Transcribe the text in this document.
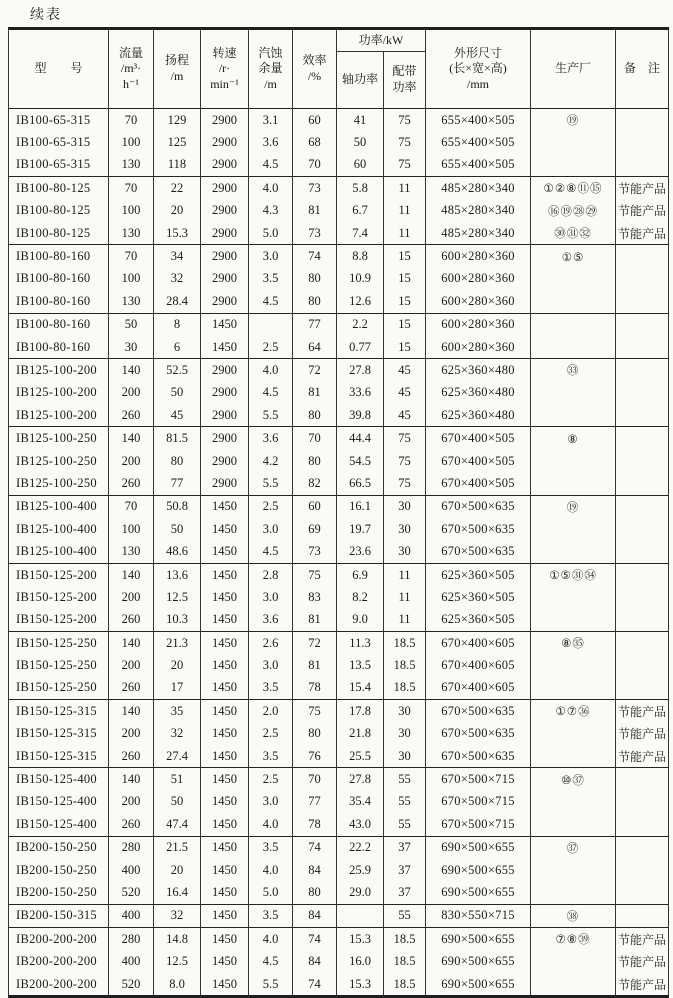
续表
型　　号	流量
/m³·
h⁻¹	扬程
/m	转速
/r·
min⁻¹	汽蚀
余量
/m	效率
/%	功率/kW		外形尺寸
(长×宽×高)
/mm	生产厂	备　注
						轴功率	配带
功率			

IB100-65-315	70	129	2900	3.1	60	41	75	655×400×505	⑲	
IB100-65-315	100	125	2900	3.6	68	50	75	655×400×505		
IB100-65-315	130	118	2900	4.5	70	60	75	655×400×505		
IB100-80-125	70	22	2900	4.0	73	5.8	11	485×280×340	①②⑧⑪⑮	节能产品
IB100-80-125	100	20	2900	4.3	81	6.7	11	485×280×340	⑯⑲㉘㉙	节能产品
IB100-80-125	130	15.3	2900	5.0	73	7.4	11	485×280×340	㉚㉛㉜	节能产品
IB100-80-160	70	34	2900	3.0	74	8.8	15	600×280×360	①⑤	
IB100-80-160	100	32	2900	3.5	80	10.9	15	600×280×360		
IB100-80-160	130	28.4	2900	4.5	80	12.6	15	600×280×360		
IB100-80-160	50	8	1450		77	2.2	15	600×280×360		
IB100-80-160	30	6	1450	2.5	64	0.77	15	600×280×360		
IB125-100-200	140	52.5	2900	4.0	72	27.8	45	625×360×480	㉝	
IB125-100-200	200	50	2900	4.5	81	33.6	45	625×360×480		
IB125-100-200	260	45	2900	5.5	80	39.8	45	625×360×480		
IB125-100-250	140	81.5	2900	3.6	70	44.4	75	670×400×505	⑧	
IB125-100-250	200	80	2900	4.2	80	54.5	75	670×400×505		
IB125-100-250	260	77	2900	5.5	82	66.5	75	670×400×505		
IB125-100-400	70	50.8	1450	2.5	60	16.1	30	670×500×635	⑲	
IB125-100-400	100	50	1450	3.0	69	19.7	30	670×500×635		
IB125-100-400	130	48.6	1450	4.5	73	23.6	30	670×500×635		
IB150-125-200	140	13.6	1450	2.8	75	6.9	11	625×360×505	①⑤㉛㉞	
IB150-125-200	200	12.5	1450	3.0	83	8.2	11	625×360×505		
IB150-125-200	260	10.3	1450	3.6	81	9.0	11	625×360×505		
IB150-125-250	140	21.3	1450	2.6	72	11.3	18.5	670×400×605	⑧㉟	
IB150-125-250	200	20	1450	3.0	81	13.5	18.5	670×400×605		
IB150-125-250	260	17	1450	3.5	78	15.4	18.5	670×400×605		
IB150-125-315	140	35	1450	2.0	75	17.8	30	670×500×635	①⑦㊱	节能产品
IB150-125-315	200	32	1450	2.5	80	21.8	30	670×500×635		节能产品
IB150-125-315	260	27.4	1450	3.5	76	25.5	30	670×500×635		节能产品
IB150-125-400	140	51	1450	2.5	70	27.8	55	670×500×715	⑩㊲	
IB150-125-400	200	50	1450	3.0	77	35.4	55	670×500×715		
IB150-125-400	260	47.4	1450	4.0	78	43.0	55	670×500×715		
IB200-150-250	280	21.5	1450	3.5	74	22.2	37	690×500×655	㊲	
IB200-150-250	400	20	1450	4.0	84	25.9	37	690×500×655		
IB200-150-250	520	16.4	1450	5.0	80	29.0	37	690×500×655		
IB200-150-315	400	32	1450	3.5	84		55	830×550×715	㊳	
IB200-200-200	280	14.8	1450	4.0	74	15.3	18.5	690×500×655	⑦⑧㊴	节能产品
IB200-200-200	400	12.5	1450	4.5	84	16.0	18.5	690×500×655		节能产品
IB200-200-200	520	8.0	1450	5.5	74	15.3	18.5	690×500×655		节能产品
